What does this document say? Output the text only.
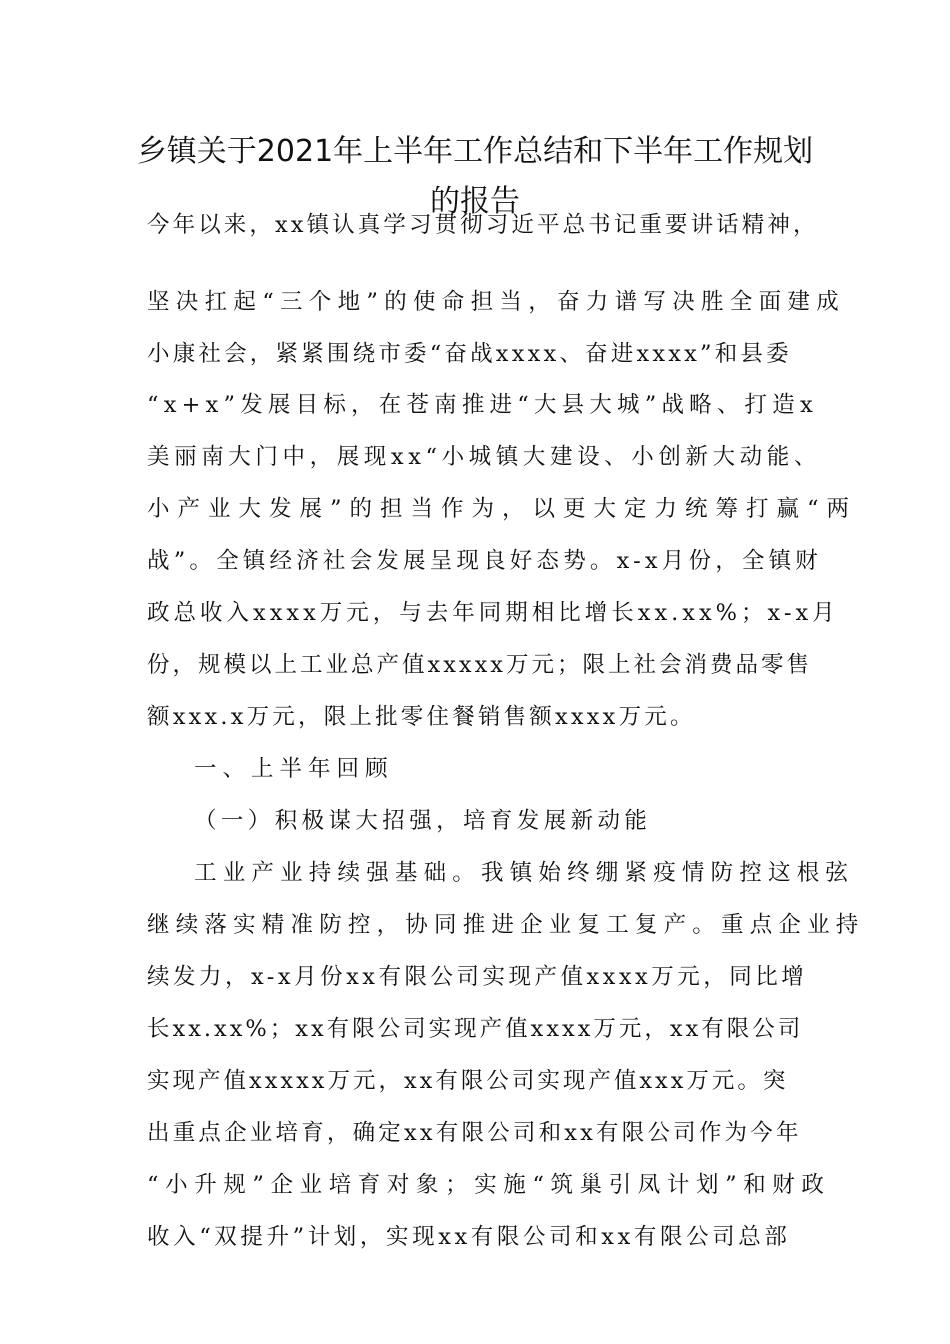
乡镇关于2021年上半年工作总结和下半年工作规划
的报告

今年以来，xx镇认真学习贯彻习近平总书记重要讲话精神，

坚决扛起“三个地”的使命担当，奋力谱写决胜全面建成

小康社会，紧紧围绕市委“奋战xxxx、奋进xxxx”和县委

“x+x”发展目标，在苍南推进“大县大城”战略、打造x

美丽南大门中，展现xx“小城镇大建设、小创新大动能、

小产业大发展”的担当作为，以更大定力统筹打赢“两

战”。全镇经济社会发展呈现良好态势。x-x月份，全镇财

政总收入xxxx万元，与去年同期相比增长xx.xx%；x-x月

份，规模以上工业总产值xxxxx万元；限上社会消费品零售

额xxx.x万元，限上批零住餐销售额xxxx万元。

一、上半年回顾

（一）积极谋大招强，培育发展新动能

工业产业持续强基础。我镇始终绷紧疫情防控这根弦

继续落实精准防控，协同推进企业复工复产。重点企业持

续发力，x-x月份xx有限公司实现产值xxxx万元，同比增

长xx.xx%；xx有限公司实现产值xxxx万元，xx有限公司

实现产值xxxxx万元，xx有限公司实现产值xxx万元。突

出重点企业培育，确定xx有限公司和xx有限公司作为今年

“小升规”企业培育对象；实施“筑巢引凤计划”和财政

收入“双提升”计划，实现xx有限公司和xx有限公司总部
